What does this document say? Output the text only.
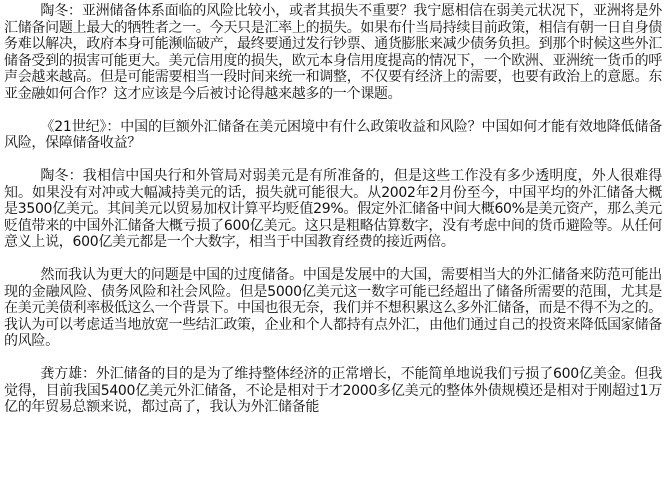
陶冬：亚洲储备体系面临的风险比较小，或者其损失不重要？我宁愿相信在弱美元状况下，亚洲将是外汇储备问题上最大的牺牲者之一。今天只是汇率上的损失。如果布什当局持续目前政策，相信有朝一日自身债务难以解决，政府本身可能濒临破产，最终要通过发行钞票、通货膨胀来减少债务负担。到那个时候这些外汇储备受到的损害可能更大。美元信用度的损失，欧元本身信用度提高的情况下，一个欧洲、亚洲统一货币的呼声会越来越高。但是可能需要相当一段时间来统一和调整，不仅要有经济上的需要，也要有政治上的意愿。东亚金融如何合作？这才应该是今后被讨论得越来越多的一个课题。

《21世纪》：中国的巨额外汇储备在美元困境中有什么政策收益和风险？中国如何才能有效地降低储备风险，保障储备收益？

陶冬：我相信中国央行和外管局对弱美元是有所准备的，但是这些工作没有多少透明度，外人很难得知。如果没有对冲或大幅减持美元的话，损失就可能很大。从2002年2月份至今，中国平均的外汇储备大概是3500亿美元。其间美元以贸易加权计算平均贬值29%。假定外汇储备中间大概60%是美元资产，那么美元贬值带来的中国外汇储备大概亏损了600亿美元。这只是粗略估算数字，没有考虑中间的货币避险等。从任何意义上说，600亿美元都是一个大数字，相当于中国教育经费的接近两倍。

然而我认为更大的问题是中国的过度储备。中国是发展中的大国，需要相当大的外汇储备来防范可能出现的金融风险、债务风险和社会风险。但是5000亿美元这一数字可能已经超出了储备所需要的范围，尤其是在美元美债利率极低这么一个背景下。中国也很无奈，我们并不想积累这么多外汇储备，而是不得不为之的。我认为可以考虑适当地放宽一些结汇政策，企业和个人都持有点外汇，由他们通过自己的投资来降低国家储备的风险。

龚方雄：外汇储备的目的是为了维持整体经济的正常增长，不能简单地说我们亏损了600亿美金。但我觉得，目前我国5400亿美元外汇储备，不论是相对于才2000多亿美元的整体外债规模还是相对于刚超过1万亿的年贸易总额来说，都过高了，我认为外汇储备能
